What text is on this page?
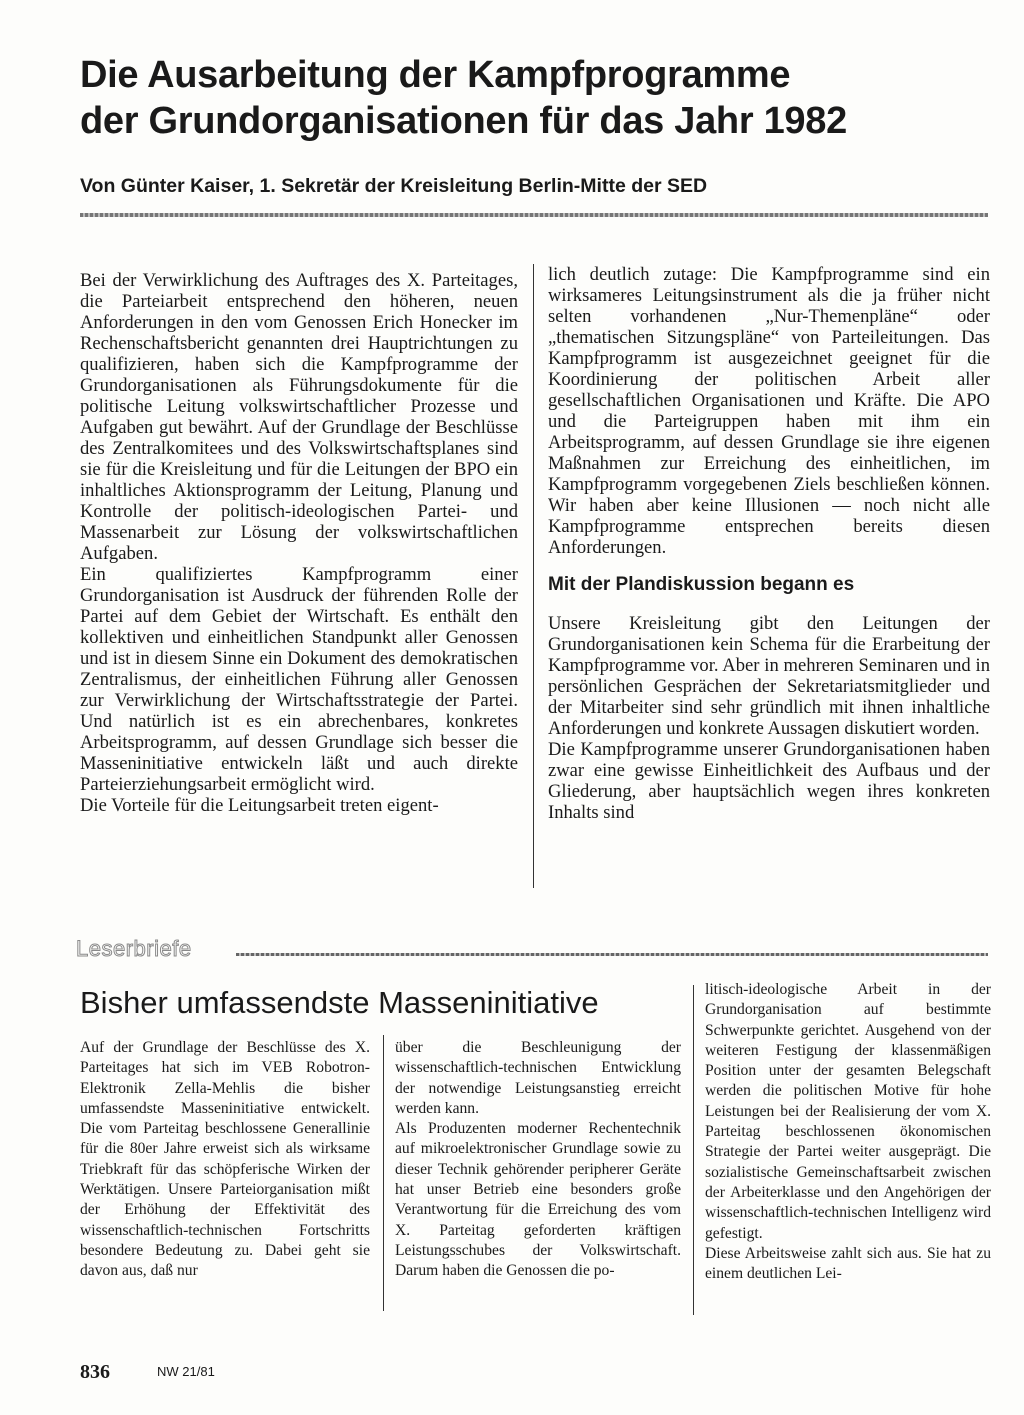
Die Ausarbeitung der Kampfprogramme
der Grundorganisationen für das Jahr 1982
Von Günter Kaiser, 1. Sekretär der Kreisleitung Berlin-Mitte der SED

Bei der Verwirklichung des Auftrages des X. Parteitages, die Parteiarbeit entsprechend den höheren, neuen Anforderungen in den vom Genossen Erich Honecker im Rechenschaftsbericht genannten drei Hauptrichtungen zu qualifizieren, haben sich die Kampfprogramme der Grundorganisationen als Führungsdokumente für die politische Leitung volkswirtschaftlicher Prozesse und Aufgaben gut bewährt. Auf der Grundlage der Beschlüsse des Zentralkomitees und des Volkswirtschaftsplanes sind sie für die Kreisleitung und für die Leitungen der BPO ein inhaltliches Aktionsprogramm der Leitung, Planung und Kontrolle der politisch-ideologischen Partei- und Massenarbeit zur Lösung der volkswirtschaftlichen Aufgaben.

Ein qualifiziertes Kampfprogramm einer Grundorganisation ist Ausdruck der führenden Rolle der Partei auf dem Gebiet der Wirtschaft. Es enthält den kollektiven und einheitlichen Standpunkt aller Genossen und ist in diesem Sinne ein Dokument des demokratischen Zentralismus, der einheitlichen Führung aller Genossen zur Verwirklichung der Wirtschaftsstrategie der Partei. Und natürlich ist es ein abrechenbares, konkretes Arbeitsprogramm, auf dessen Grundlage sich besser die Masseninitiative entwickeln läßt und auch direkte Parteierziehungsarbeit ermöglicht wird.

Die Vorteile für die Leitungsarbeit treten eigent-

lich deutlich zutage: Die Kampfprogramme sind ein wirksameres Leitungsinstrument als die ja früher nicht selten vorhandenen „Nur-Themenpläne“ oder „thematischen Sitzungspläne“ von Parteileitungen. Das Kampfprogramm ist ausgezeichnet geeignet für die Koordinierung der politischen Arbeit aller gesellschaftlichen Organisationen und Kräfte. Die APO und die Parteigruppen haben mit ihm ein Arbeitsprogramm, auf dessen Grundlage sie ihre eigenen Maßnahmen zur Erreichung des einheitlichen, im Kampfprogramm vorgegebenen Ziels beschließen können. Wir haben aber keine Illusionen — noch nicht alle Kampfprogramme entsprechen bereits diesen Anforderungen.

Mit der Plandiskussion begann es

Unsere Kreisleitung gibt den Leitungen der Grundorganisationen kein Schema für die Erarbeitung der Kampfprogramme vor. Aber in mehreren Seminaren und in persönlichen Gesprächen der Sekretariatsmitglieder und der Mitarbeiter sind sehr gründlich mit ihnen inhaltliche Anforderungen und konkrete Aussagen diskutiert worden.

Die Kampfprogramme unserer Grundorganisationen haben zwar eine gewisse Einheitlichkeit des Aufbaus und der Gliederung, aber hauptsächlich wegen ihres konkreten Inhalts sind

Leserbriefe
Bisher umfassendste Masseninitiative

Auf der Grundlage der Beschlüsse des X. Parteitages hat sich im VEB Robotron-Elektronik Zella-Mehlis die bisher umfassendste Masseninitiative entwickelt. Die vom Parteitag beschlossene Generallinie für die 80er Jahre erweist sich als wirksame Triebkraft für das schöpferische Wirken der Werktätigen. Unsere Parteiorganisation mißt der Erhöhung der Effektivität des wissenschaftlich-technischen Fortschritts besondere Bedeutung zu. Dabei geht sie davon aus, daß nur

über die Beschleunigung der wissenschaftlich-technischen Entwicklung der notwendige Leistungsanstieg erreicht werden kann.

Als Produzenten moderner Rechentechnik auf mikroelektronischer Grundlage sowie zu dieser Technik gehörender peripherer Geräte hat unser Betrieb eine besonders große Verantwortung für die Erreichung des vom X. Parteitag geforderten kräftigen Leistungsschubes der Volkswirtschaft. Darum haben die Genossen die po-

litisch-ideologische Arbeit in der Grundorganisation auf bestimmte Schwerpunkte gerichtet. Ausgehend von der weiteren Festigung der klassenmäßigen Position unter der gesamten Belegschaft werden die politischen Motive für hohe Leistungen bei der Realisierung der vom X. Parteitag beschlossenen ökonomischen Strategie der Partei weiter ausgeprägt. Die sozialistische Gemeinschaftsarbeit zwischen der Arbeiterklasse und den Angehörigen der wissenschaftlich-technischen Intelligenz wird gefestigt.

Diese Arbeitsweise zahlt sich aus. Sie hat zu einem deutlichen Lei-

836	NW 21/81
